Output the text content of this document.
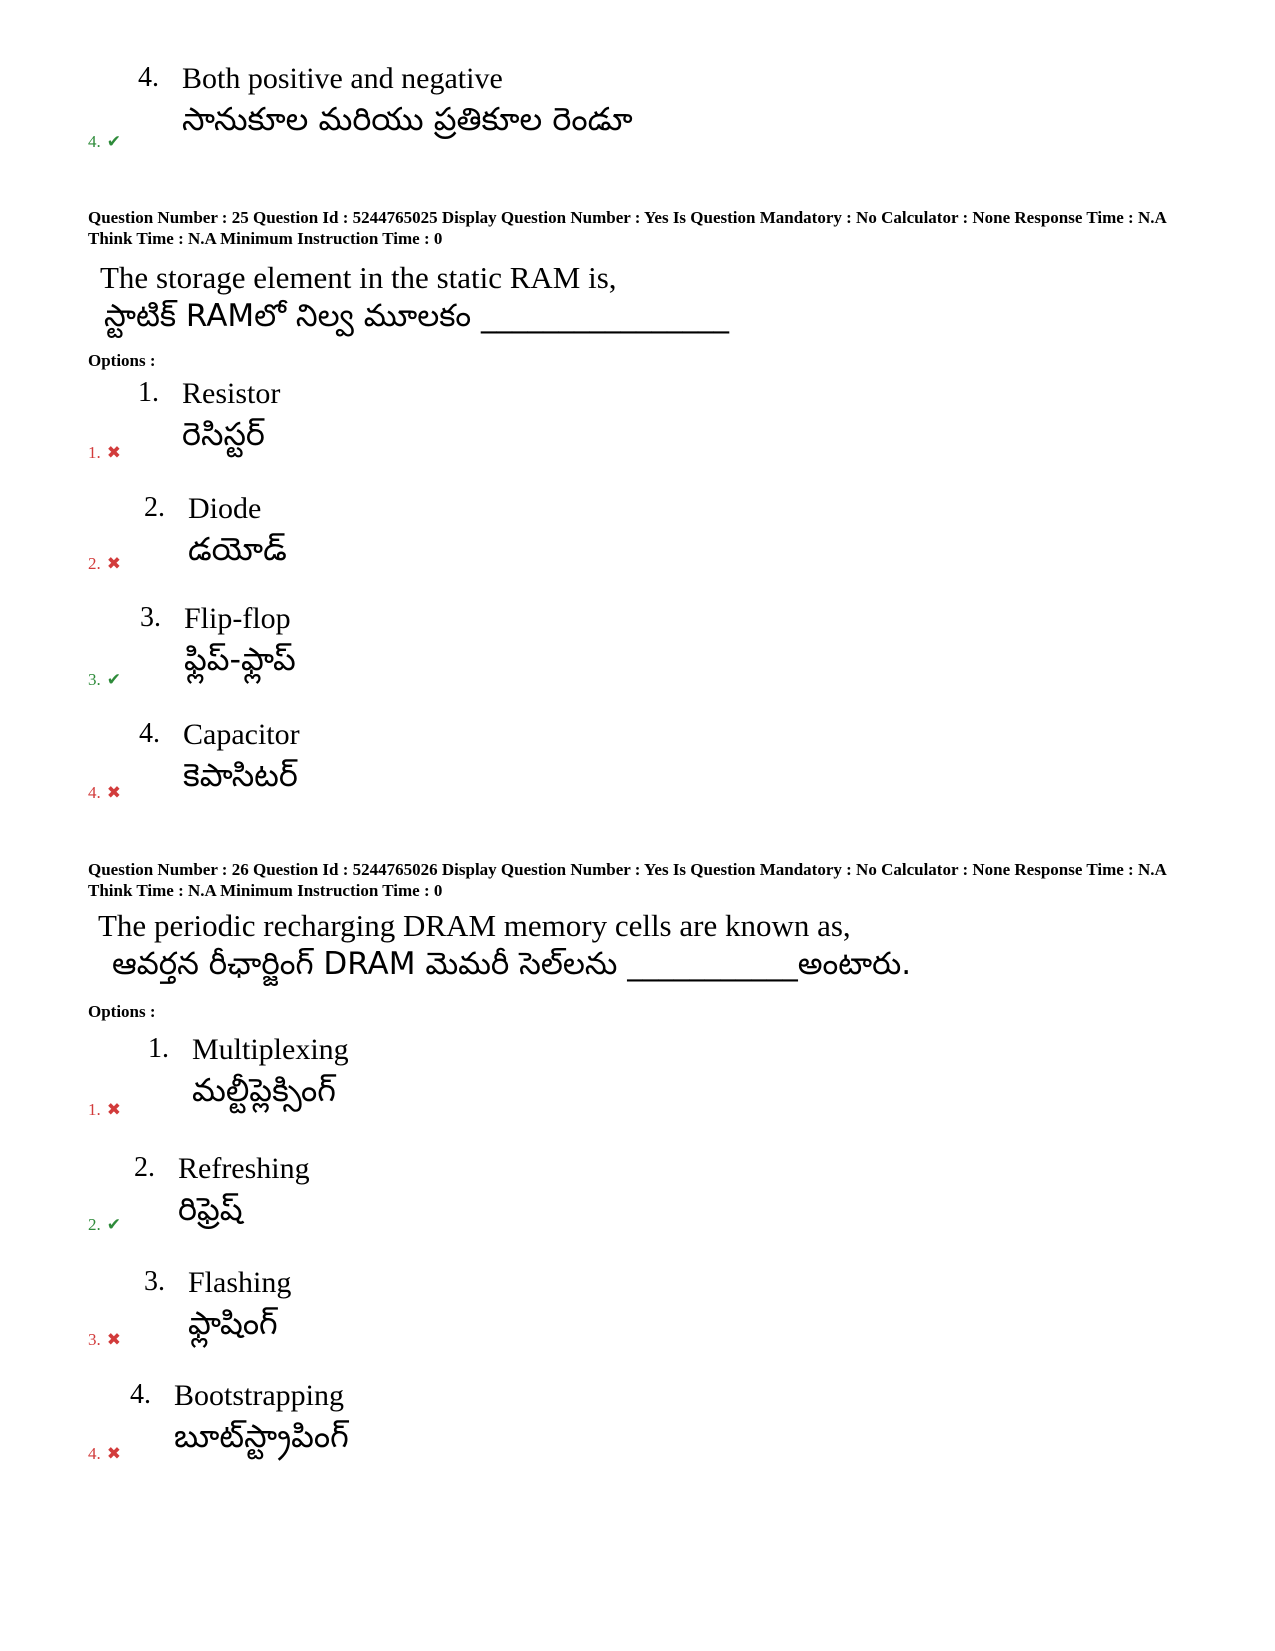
4. Both positive and negative
సానుకూల మరియు ప్రతికూల రెండూ
4. ✔
Question Number : 25 Question Id : 5244765025 Display Question Number : Yes Is Question Mandatory : No Calculator : None Response Time : N.A Think Time : N.A Minimum Instruction Time : 0
The storage element in the static RAM is,
స్టాటిక్ RAMలో నిల్వ మూలకం ________________
Options :
1. Resistor
రెసిస్టర్
1. ✖
2. Diode
డయోడ్
2. ✖
3. Flip-flop
ఫ్లిప్-ఫ్లాప్
3. ✔
4. Capacitor
కెపాసిటర్
4. ✖
Question Number : 26 Question Id : 5244765026 Display Question Number : Yes Is Question Mandatory : No Calculator : None Response Time : N.A Think Time : N.A Minimum Instruction Time : 0
The periodic recharging DRAM memory cells are known as,
ఆవర్తన రీఛార్జింగ్ DRAM మెమరీ సెల్‌లను ___________అంటారు.
Options :
1. Multiplexing
మల్టీప్లెక్సింగ్
1. ✖
2. Refreshing
రిఫ్రెష్
2. ✔
3. Flashing
ఫ్లాషింగ్
3. ✖
4. Bootstrapping
బూట్‌స్ట్రాపింగ్
4. ✖
